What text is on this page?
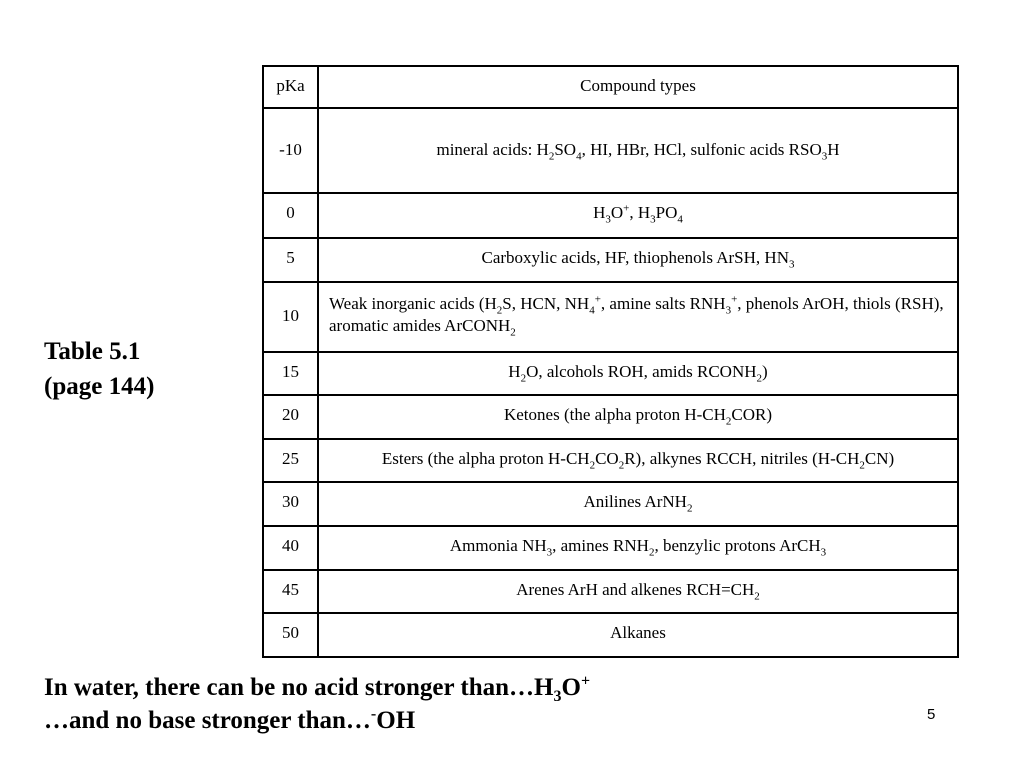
pKa	Compound types
-10	mineral acids: $H_2SO_4$, HI, HBr, HCl, sulfonic acids $RSO_3H$
0	$H_3O^+$, $H_3PO_4$
5	Carboxylic acids, HF, thiophenols ArSH, $HN_3$
10	Weak inorganic acids ($H_2S$, HCN, $NH_4^+$, amine salts $RNH_3^+$, phenols ArOH, thiols (RSH), aromatic amides ArCONH$_2$
15	$H_2O$, alcohols ROH, amids $RCONH_2$)
20	Ketones (the alpha proton $H-CH_2COR$)
25	Esters (the alpha proton $H-CH_2CO_2R$), alkynes RCCH, nitriles $(H-CH_2CN)$
30	Anilines ArNH$_2$
40	Ammonia $NH_3$, amines $RNH_2$, benzylic protons ArCH$_3$
45	Arenes ArH and alkenes $RCH=CH_2$
50	Alkanes
Table 5.1
(page 144)
In water, there can be no acid stronger $than\dots H_3O^+$
…and no base stronger than…-OH	5
